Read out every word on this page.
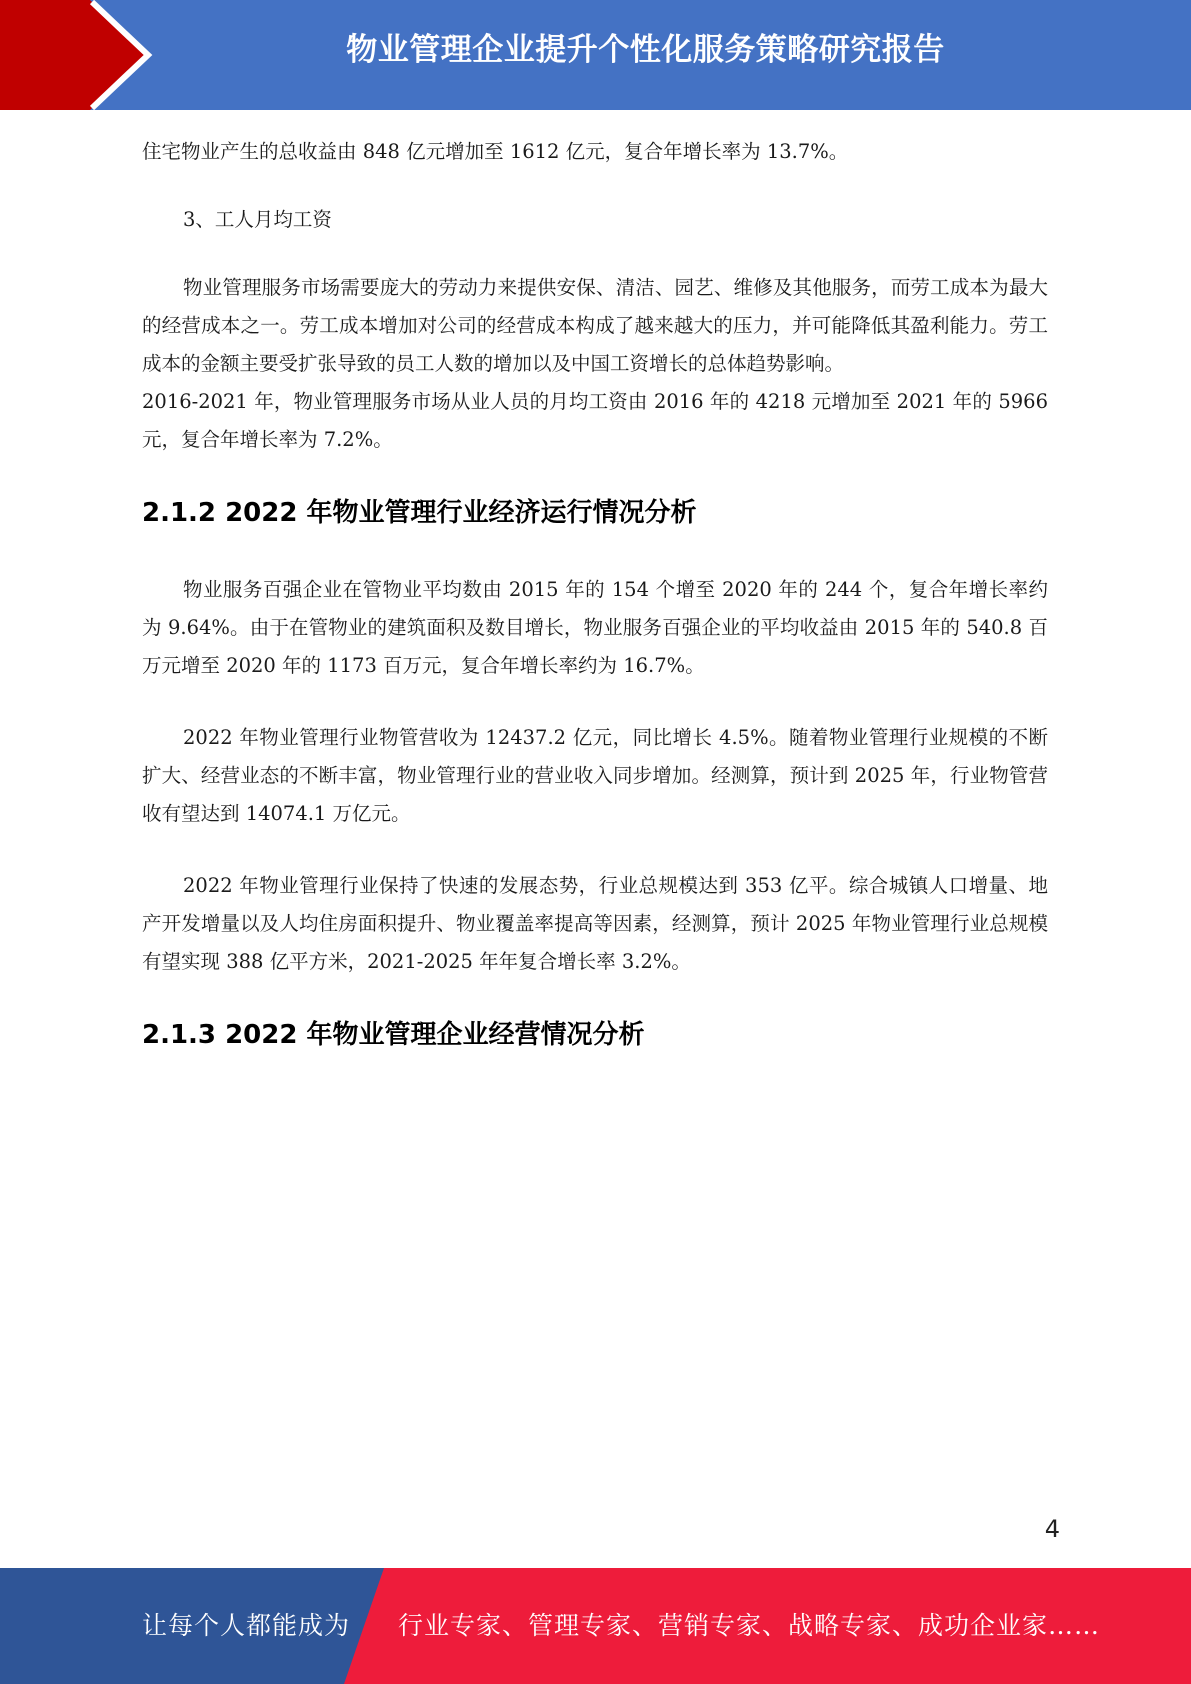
物业管理企业提升个性化服务策略研究报告

住宅物业产生的总收益由 848 亿元增加至 1612 亿元，复合年增长率为 13.7%。

3、工人月均工资

物业管理服务市场需要庞大的劳动力来提供安保、清洁、园艺、维修及其他服务，而劳工成本为最大的经营成本之一。劳工成本增加对公司的经营成本构成了越来越大的压力，并可能降低其盈利能力。劳工成本的金额主要受扩张导致的员工人数的增加以及中国工资增长的总体趋势影响。

2016-2021 年，物业管理服务市场从业人员的月均工资由 2016 年的 4218 元增加至 2021 年的 5966 元，复合年增长率为 7.2%。

2.1.2 2022 年物业管理行业经济运行情况分析

物业服务百强企业在管物业平均数由 2015 年的 154 个增至 2020 年的 244 个，复合年增长率约为 9.64%。由于在管物业的建筑面积及数目增长，物业服务百强企业的平均收益由 2015 年的 540.8 百万元增至 2020 年的 1173 百万元，复合年增长率约为 16.7%。

2022 年物业管理行业物管营收为 12437.2 亿元，同比增长 4.5%。随着物业管理行业规模的不断扩大、经营业态的不断丰富，物业管理行业的营业收入同步增加。经测算，预计到 2025 年，行业物管营收有望达到 14074.1 万亿元。

2022 年物业管理行业保持了快速的发展态势，行业总规模达到 353 亿平。综合城镇人口增量、地产开发增量以及人均住房面积提升、物业覆盖率提高等因素，经测算，预计 2025 年物业管理行业总规模有望实现 388 亿平方米，2021-2025 年年复合增长率 3.2%。

2.1.3 2022 年物业管理企业经营情况分析
4
让每个人都能成为 行业专家、管理专家、营销专家、战略专家、成功企业家……
